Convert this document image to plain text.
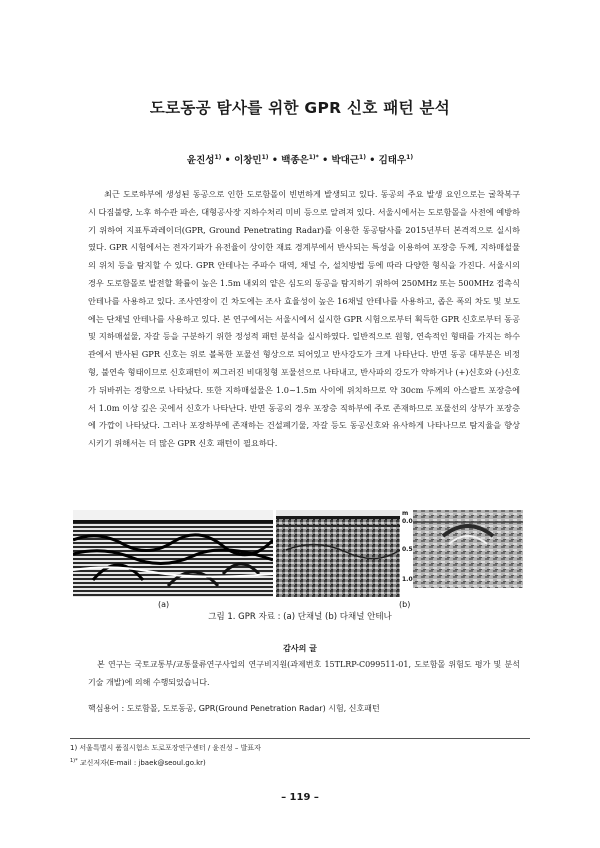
도로동공 탐사를 위한 GPR 신호 패턴 분석
윤진성$^{1)}$ • 이창민$^{1)}$ • 백종은$^{1)*}$ • 박대근$^{1)}$ • 김태우$^{1)}$

최근 도로하부에 생성된 동공으로 인한 도로함몰이 빈번하게 발생되고 있다. 동공의 주요 발생 요인으로는 굴착복구 시 다짐불량, 노후 하수관 파손, 대형공사장 지하수처리 미비 등으로 알려져 있다. 서울시에서는 도로함몰을 사전에 예방하기 위하여 지표투과레이더(GPR, Ground Penetrating Radar)를 이용한 동공탐사를 2015년부터 본격적으로 실시하였다. GPR 시험에서는 전자기파가 유전율이 상이한 재료 경계부에서 반사되는 특성을 이용하여 포장층 두께, 지하매설물의 위치 등을 탐지할 수 있다. GPR 안테나는 주파수 대역, 채널 수, 설치방법 등에 따라 다양한 형식을 가진다. 서울시의 경우 도로함몰로 발전할 확률이 높은 1.5m 내외의 얕은 심도의 동공을 탐지하기 위하여 250MHz 또는 500MHz 접촉식 안테나를 사용하고 있다. 조사연장이 긴 차도에는 조사 효율성이 높은 16채널 안테나를 사용하고, 좁은 폭의 차도 및 보도에는 단채널 안테나를 사용하고 있다. 본 연구에서는 서울시에서 실시한 GPR 시험으로부터 획득한 GPR 신호로부터 동공 및 지하매설물, 자갈 등을 구분하기 위한 정성적 패턴 분석을 실시하였다. 일반적으로 원형, 연속적인 형태를 가지는 하수관에서 반사된 GPR 신호는 위로 볼록한 포물선 형상으로 되어있고 반사강도가 크게 나타난다. 반면 동공 대부분은 비정형, 불연속 형태이므로 신호패턴이 찌그러진 비대칭형 포물선으로 나타내고, 반사파의 강도가 약하거나 (+)신호와 (-)신호가 뒤바뀌는 경향으로 나타났다. 또한 지하매설물은 1.0~1.5m 사이에 위치하므로 약 30cm 두께의 아스팔트 포장층에서 1.0m 이상 깊은 곳에서 신호가 나타난다. 반면 동공의 경우 포장층 직하부에 주로 존재하므로 포물선의 상부가 포장층에 가깝이 나타났다. 그러나 포장하부에 존재하는 건설폐기물, 자갈 등도 동공신호와 유사하게 나타나므로 탐지율을 향상시키기 위해서는 더 많은 GPR 신호 패턴이 필요하다.

m
0.0
0.5
1.0
(a)	(b)
그림 1. GPR 자료 : (a) 단채널 (b) 다채널 안테나
감사의 글

본 연구는 국토교통부/교통물류연구사업의 연구비지원(과제번호 15TLRP-C099511-01, 도로함몰 위험도 평가 및 분석기술 개발)에 의해 수행되었습니다.

핵심용어 : 도로함몰, 도로동공, GPR(Ground Penetration Radar) 시험, 신호패턴
1) 서울특별시 품질시험소 도로포장연구센터 / 윤진성 – 발표자
$^{1)*}$ 교신저자(E-mail : jbaek@seoul.go.kr)
– 119 –
